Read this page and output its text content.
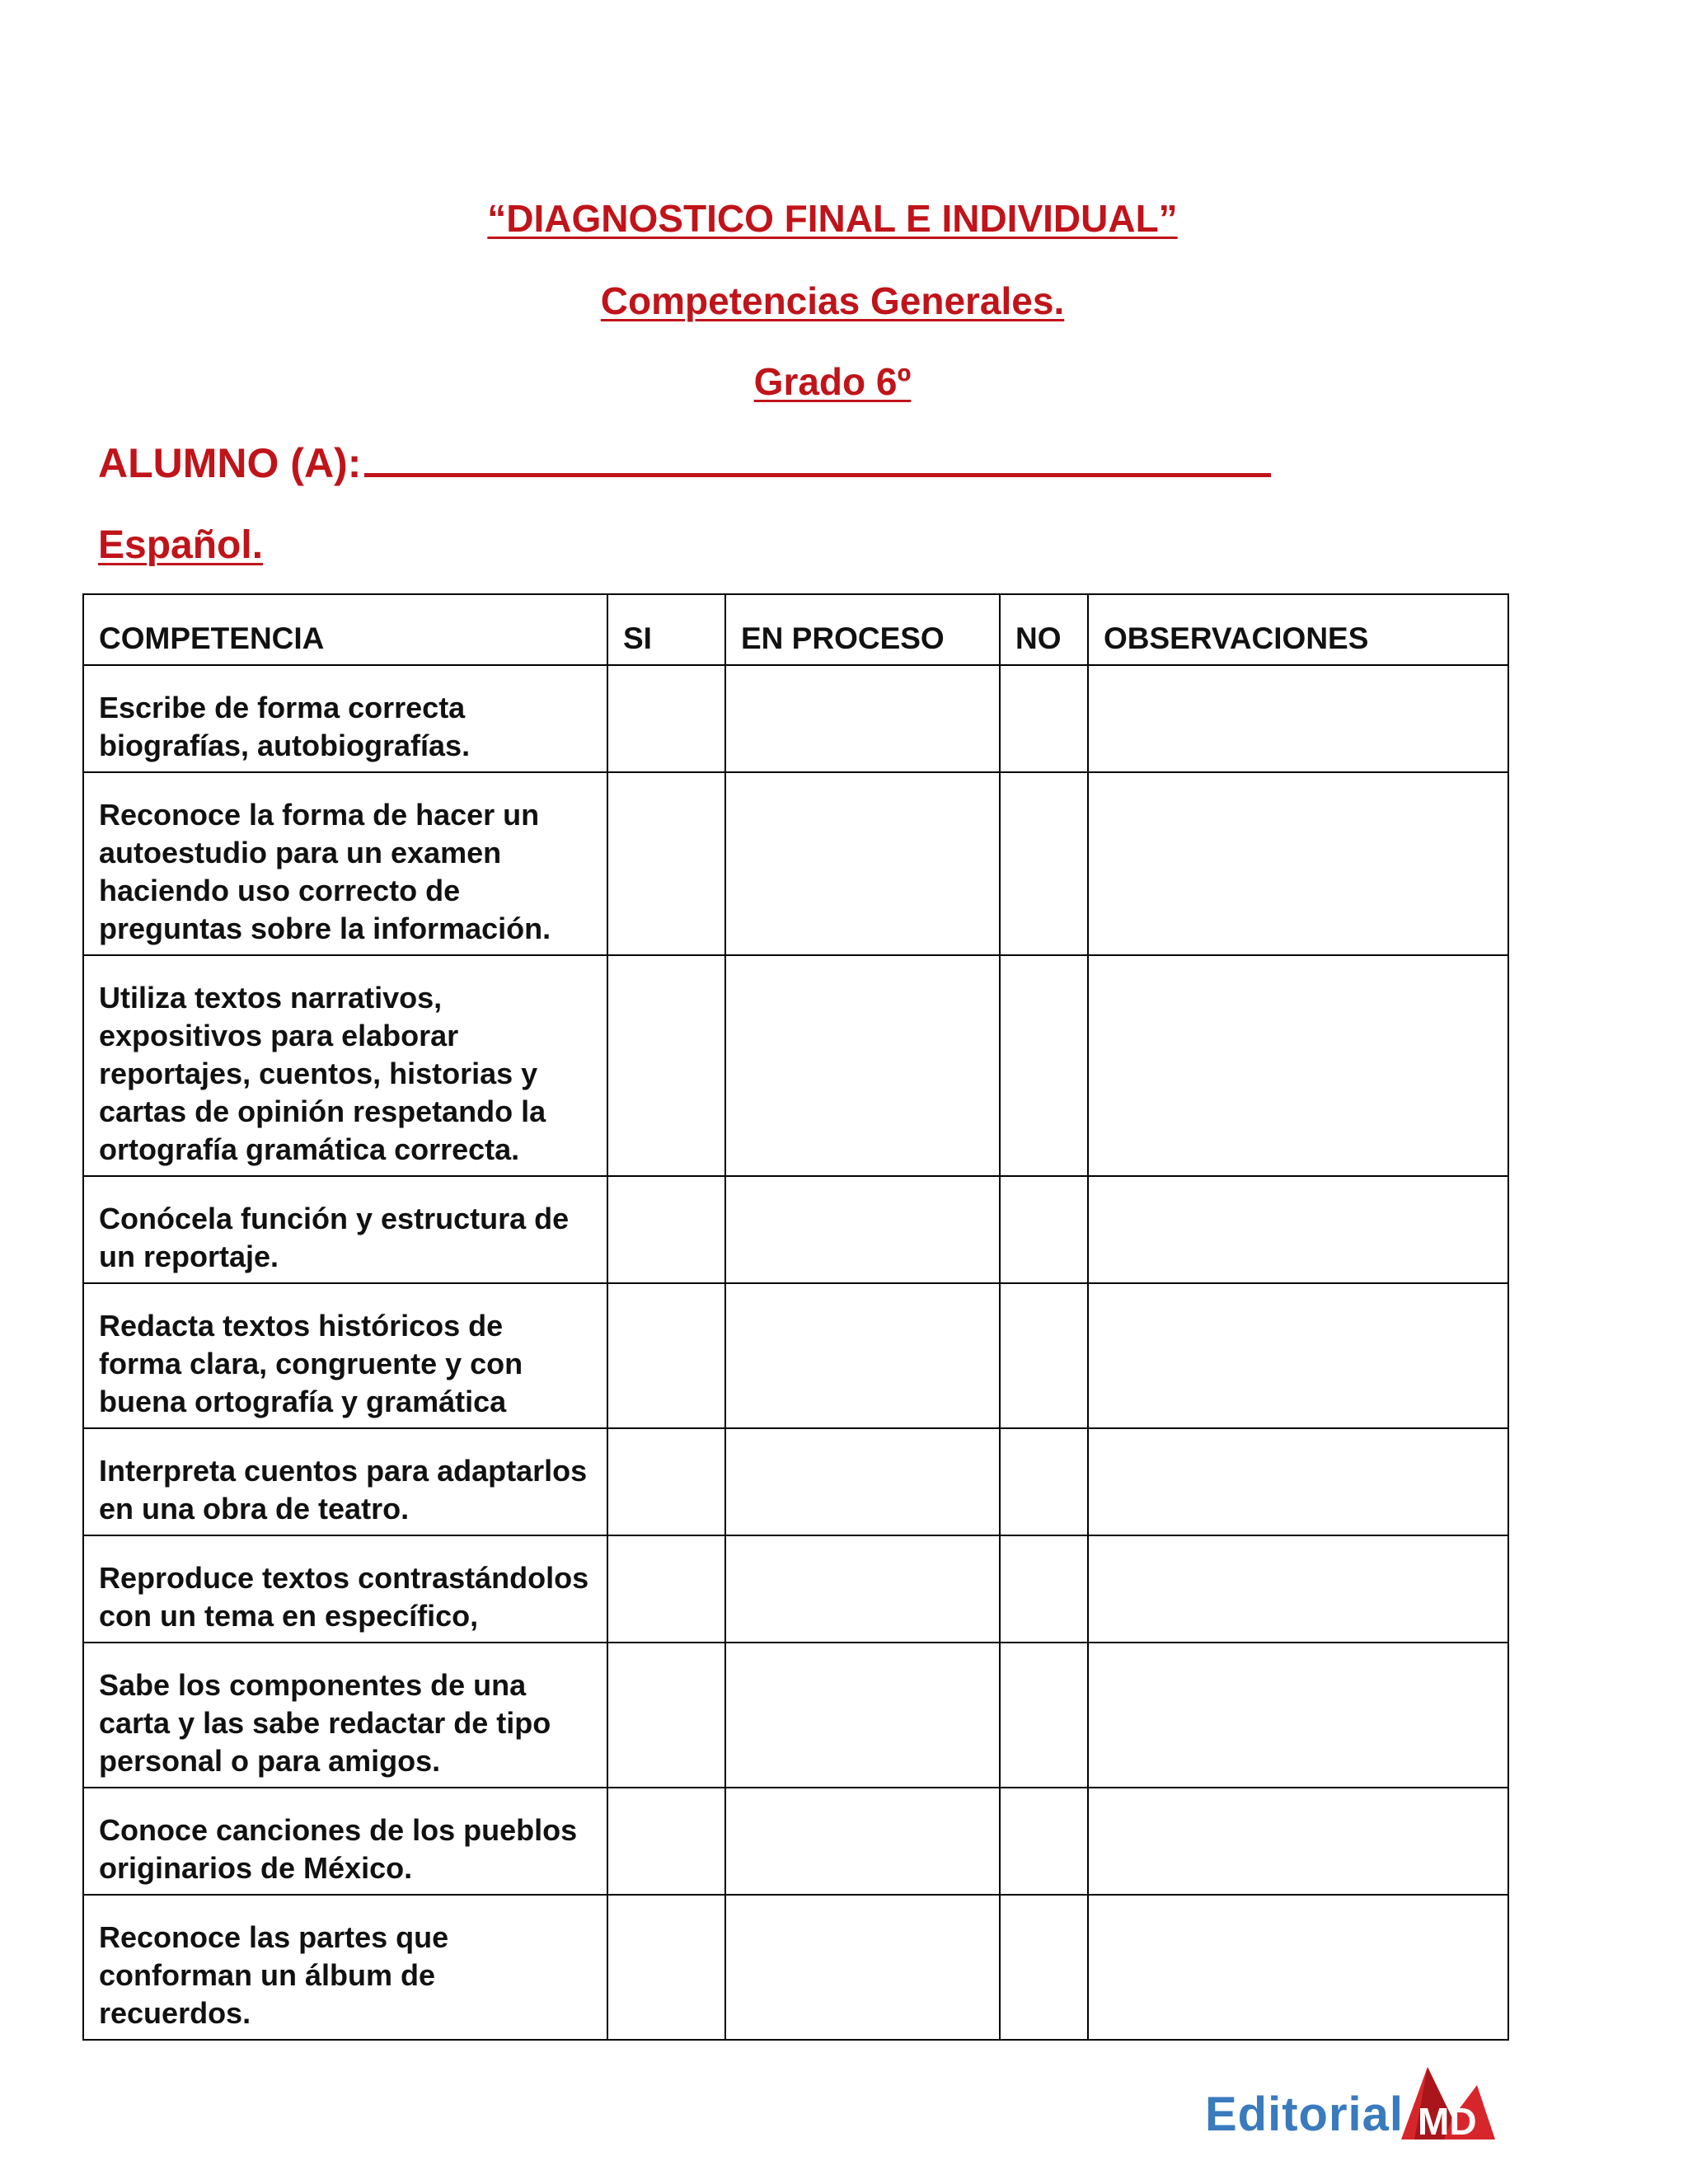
“DIAGNOSTICO FINAL E INDIVIDUAL”
Competencias Generales.
Grado 6º
ALUMNO (A):
Español.
COMPETENCIA	SI	EN PROCESO	NO	OBSERVACIONES
Escribe de forma correcta biografías, autobiografías.				
Reconoce la forma de hacer un autoestudio para un examen haciendo uso correcto de preguntas sobre la información.				
Utiliza textos narrativos, expositivos para elaborar reportajes, cuentos, historias y cartas de opinión respetando la ortografía gramática correcta.				
Conócela función y estructura de un reportaje.				
Redacta textos históricos de forma clara, congruente y con buena ortografía y gramática				
Interpreta cuentos para adaptarlos en una obra de teatro.				
Reproduce textos contrastándolos con un tema en específico,				
Sabe los componentes de una carta y las sabe redactar de tipo personal o para amigos.				
Conoce canciones de los pueblos originarios de México.				
Reconoce las partes que conforman un álbum de recuerdos.				
Editorial MD
